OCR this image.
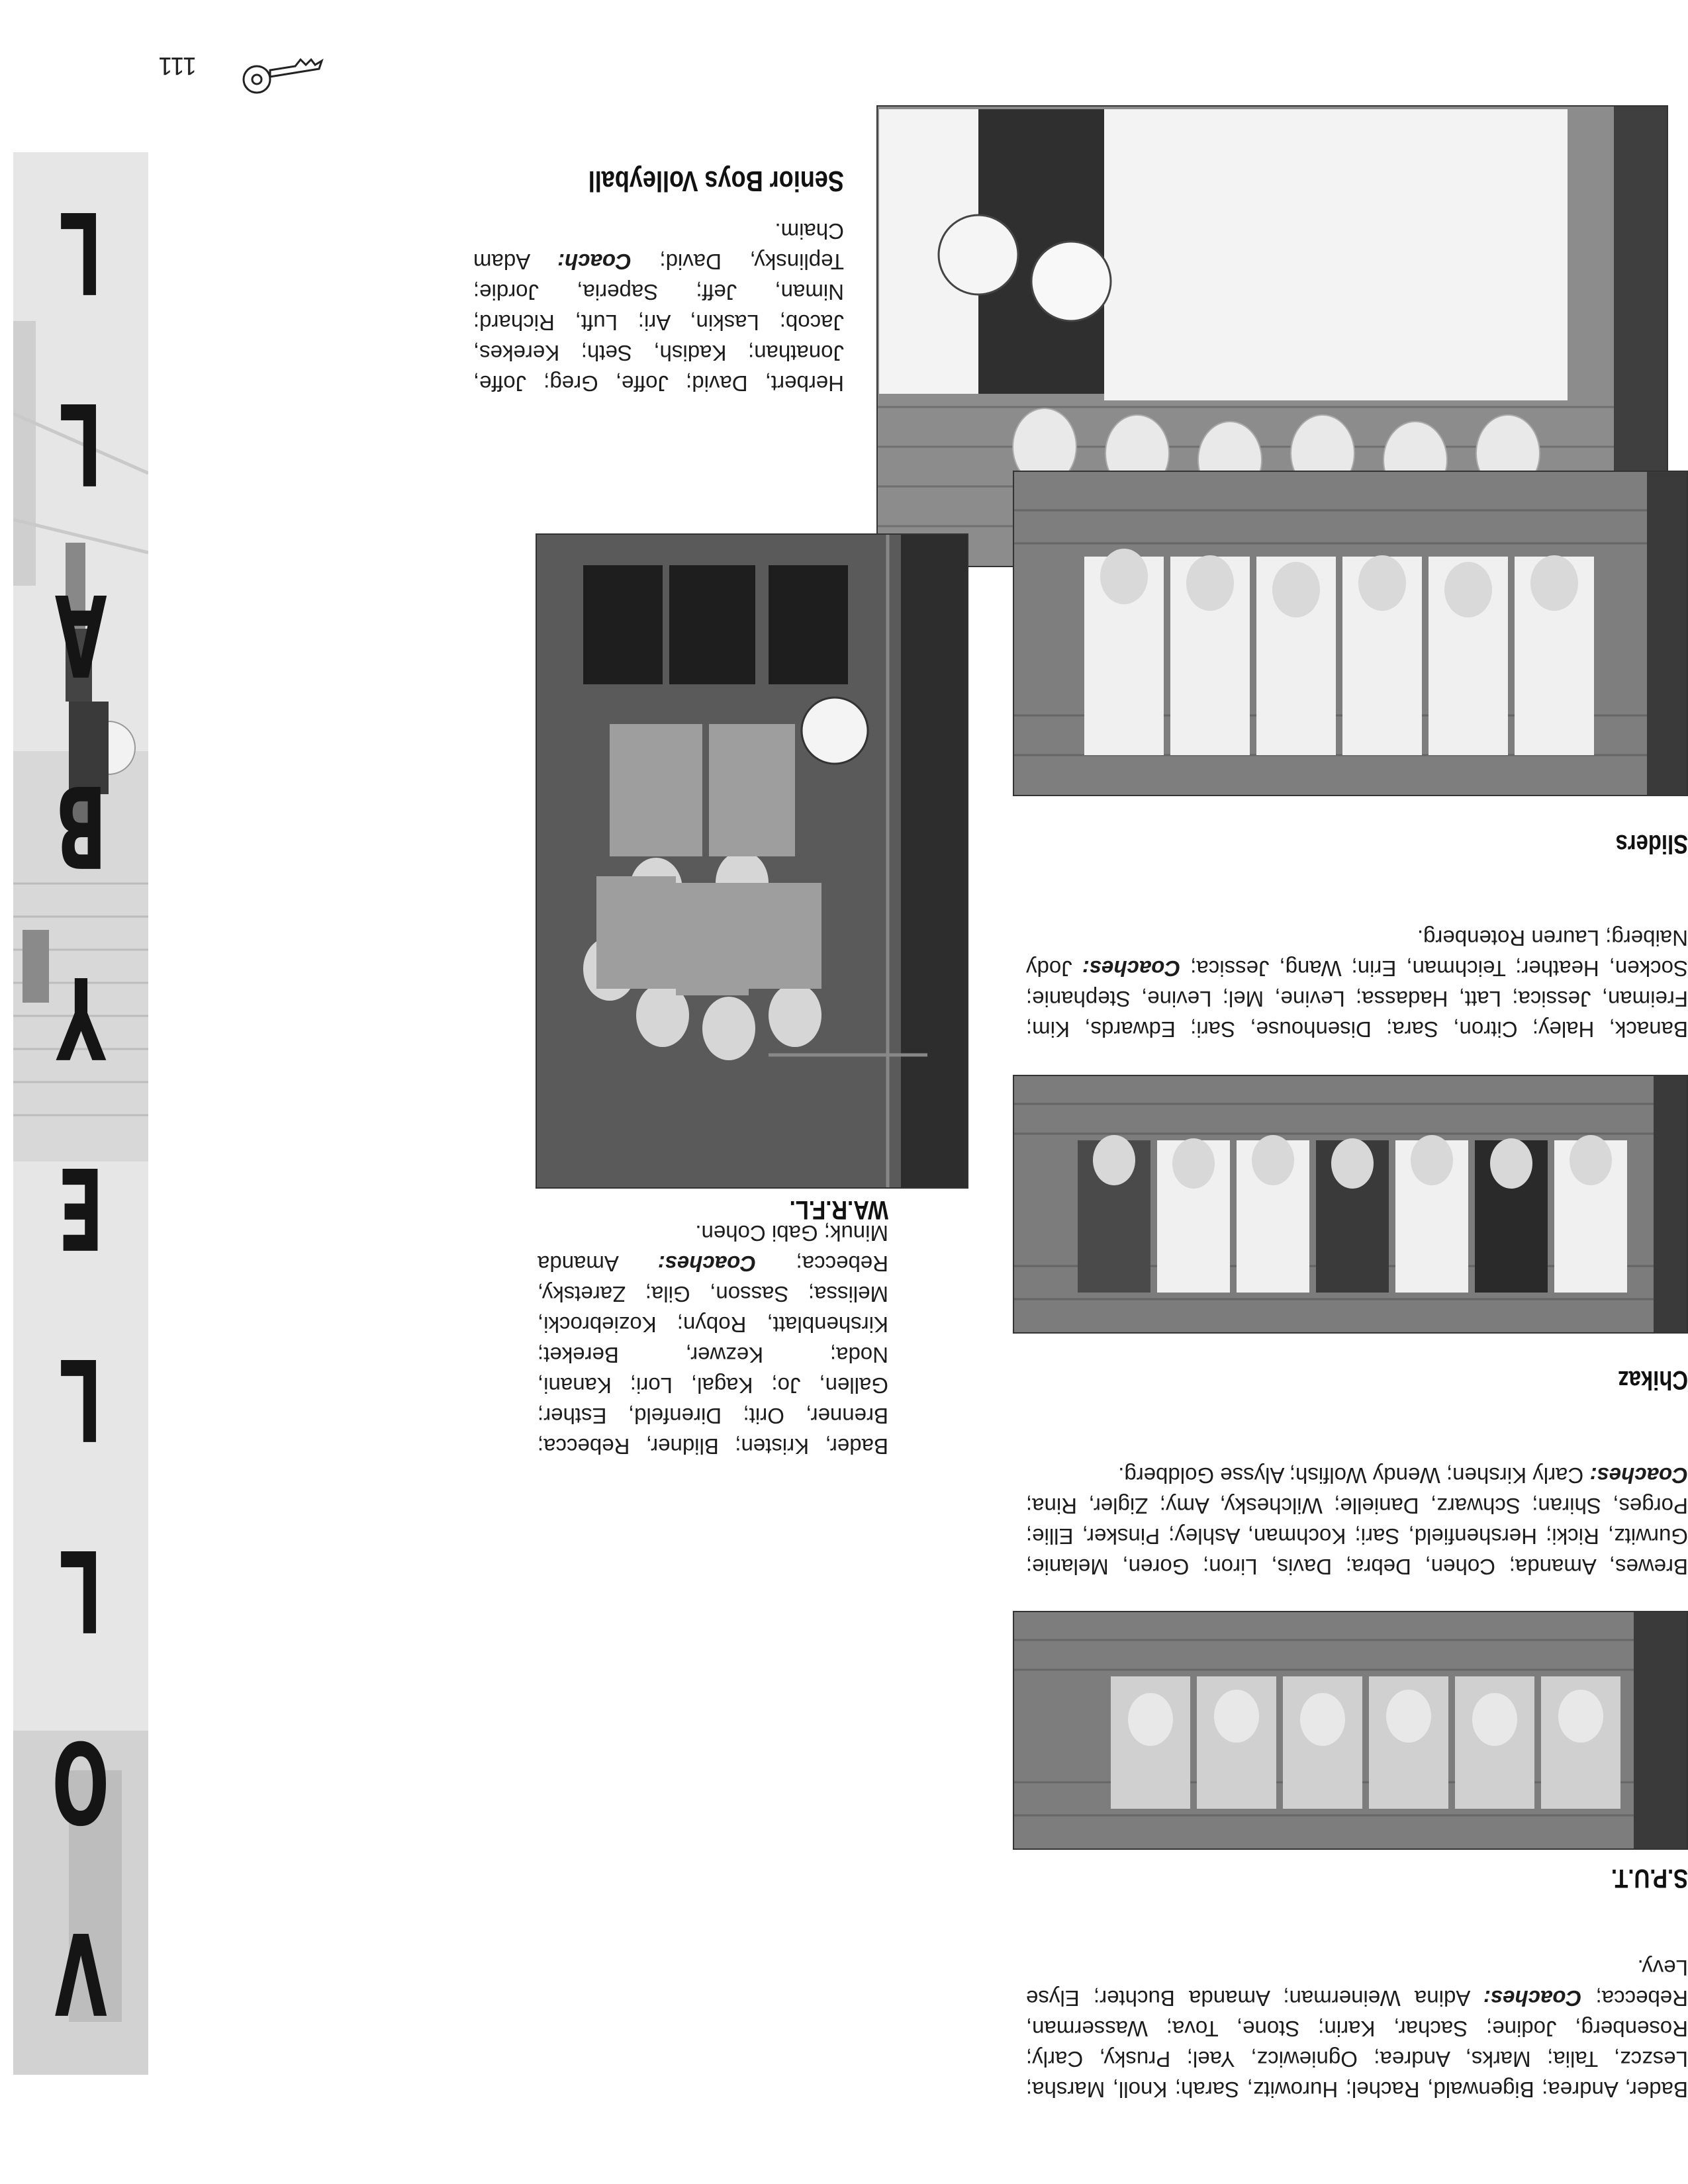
V
O
L
L
E
Y
B
A
L
L
111
Senior Boys Volleyball
Herbert, David; Joffe, Greg; Joffe, Jonathan; Kadish, Seth; Kerekes, Jacob; Laskin, Ari; Luft, Richard; Niman, Jeff; Saperia, Jordie; Teplinsky, David; Coach: Adam Chaim.
WA.R.F.L.
Bader, Kristen; Blidner, Rebecca; Brenner, Orit; Direnfeld, Esther; Gallen, Jo; Kagal, Lori; Kanani, Noda; Kezwer, Bereket; Kirshenblatt, Robyn; Koziebrocki, Melissa; Sasson, Gila; Zaretsky, Rebecca; Coaches: Amanda Minuk; Gabi Cohen.
Sliders
Banack, Haley; Citron, Sara; Disenhouse, Sari; Edwards, Kim; Freiman, Jessica; Latt, Hadassa; Levine, Mel; Levine, Stephanie; Socken, Heather; Teichman, Erin; Wang, Jessica; Coaches: Jody Naiberg; Lauren Rotenberg.
Chikaz
Brewes, Amanda; Cohen, Debra; Davis, Liron; Goren, Melanie; Gurwitz, Ricki; Hershenfield, Sari; Kochman, Ashley; Pinsker, Ellie; Porges, Shiran; Schwarz, Danielle; Wilchesky, Amy; Zigler, Rina; Coaches: Carly Kirshen; Wendy Wolfish; Alysse Goldberg.
S.P.U.T.
Bader, Andrea; Bigenwald, Rachel; Hurowitz, Sarah; Knoll, Marsha; Leszcz, Talia; Marks, Andrea; Ogniewicz, Yael; Prusky, Carly; Rosenberg, Jodine; Sachar, Karin; Stone, Tova; Wasserman, Rebecca; Coaches: Adina Weinerman; Amanda Buchter; Elyse Levy.
